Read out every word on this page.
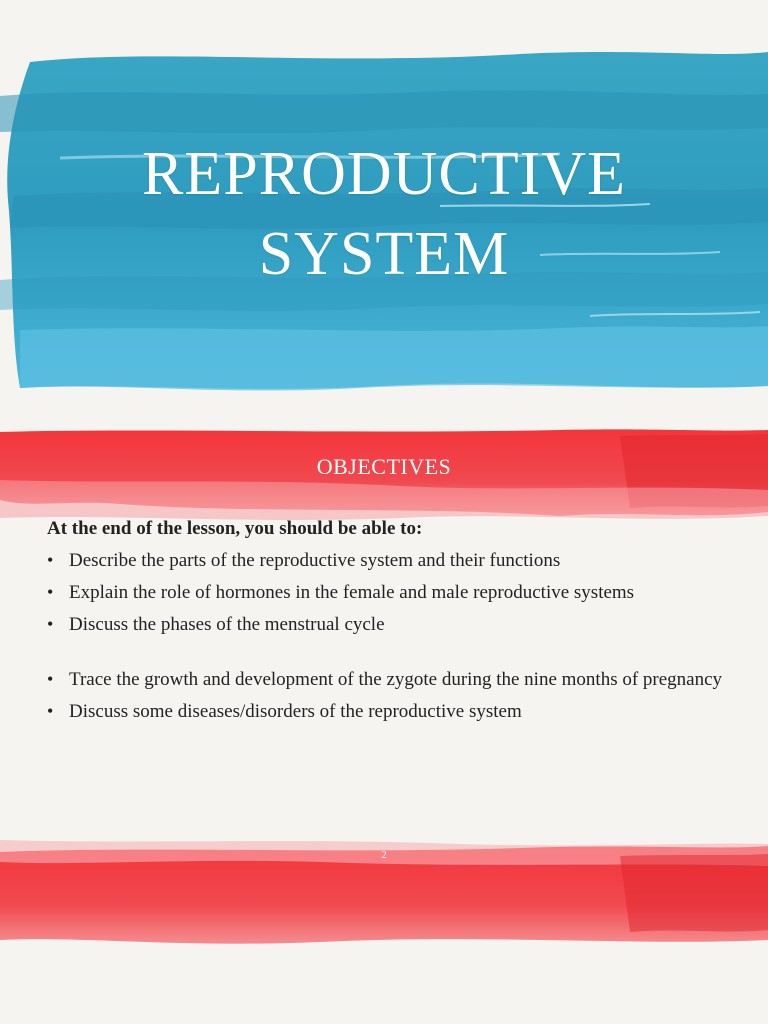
REPRODUCTIVE
SYSTEM
OBJECTIVES
At the end of the lesson, you should be able to:
• Describe the parts of the reproductive system and their functions
• Explain the role of hormones in the female and male reproductive systems
• Discuss the phases of the menstrual cycle
• Trace the growth and development of the zygote during the nine months of pregnancy
• Discuss some diseases/disorders of the reproductive system
2
